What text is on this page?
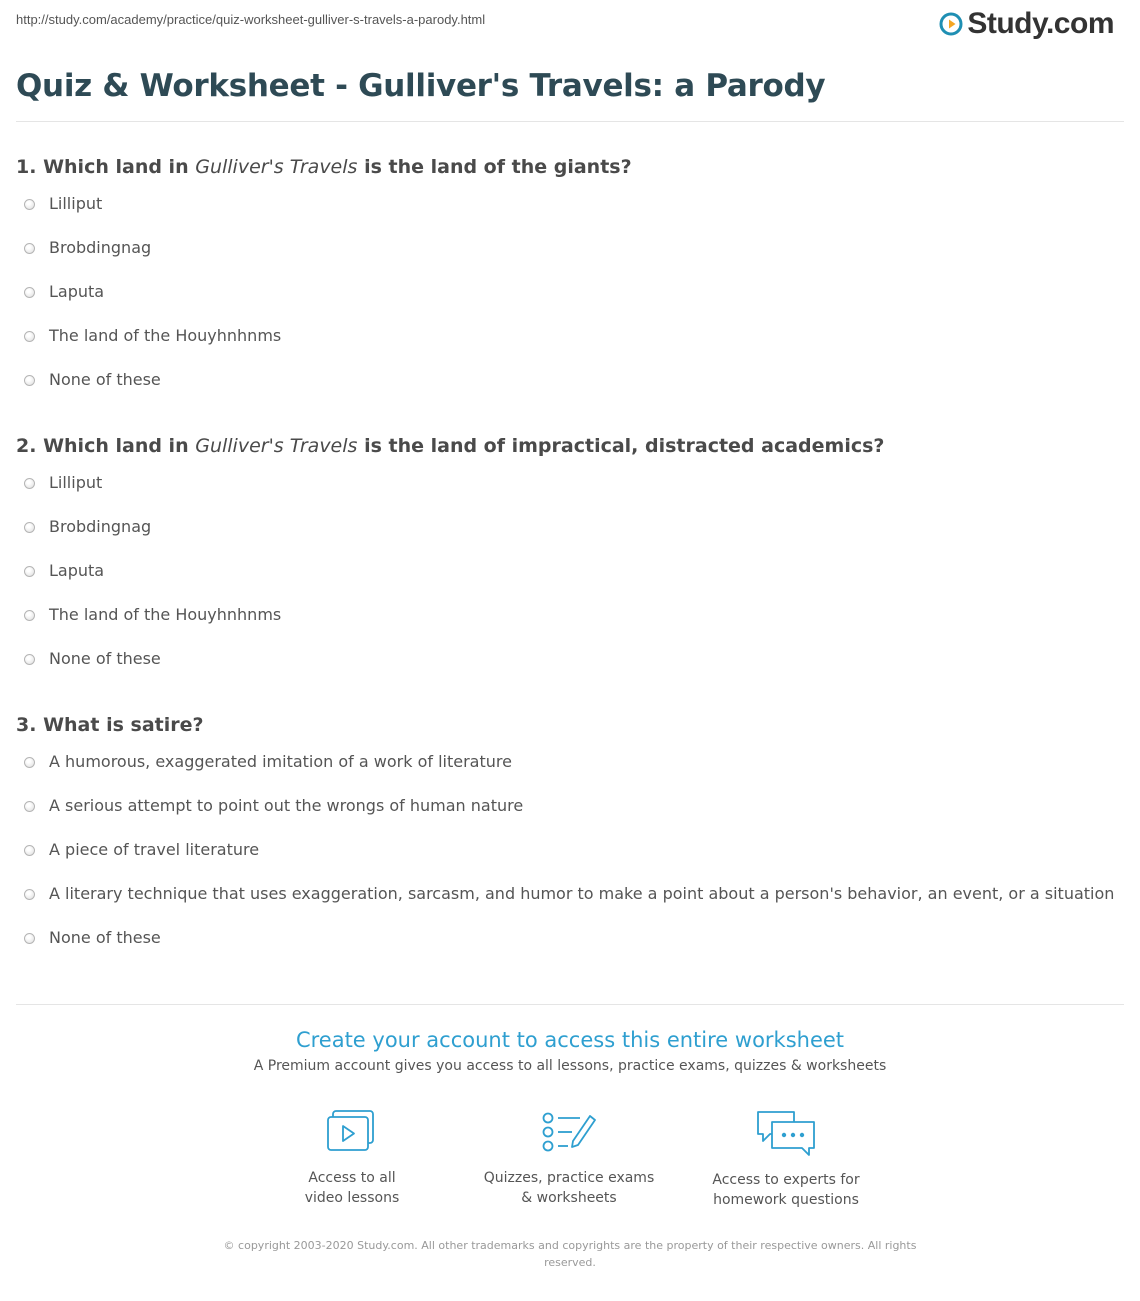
http://study.com/academy/practice/quiz-worksheet-gulliver-s-travels-a-parody.html	Study.com
Quiz & Worksheet - Gulliver's Travels: a Parody
1. Which land in Gulliver's Travels is the land of the giants?
Lilliput
Brobdingnag
Laputa
The land of the Houyhnhnms
None of these
2. Which land in Gulliver's Travels is the land of impractical, distracted academics?
Lilliput
Brobdingnag
Laputa
The land of the Houyhnhnms
None of these
3. What is satire?
A humorous, exaggerated imitation of a work of literature
A serious attempt to point out the wrongs of human nature
A piece of travel literature
A literary technique that uses exaggeration, sarcasm, and humor to make a point about a person's behavior, an event, or a situation
None of these
Create your account to access this entire worksheet
A Premium account gives you access to all lessons, practice exams, quizzes & worksheets
Access to all
video lessons
Quizzes, practice exams
& worksheets
Access to experts for
homework questions
© copyright 2003-2020 Study.com. All other trademarks and copyrights are the property of their respective owners. All rights reserved.
